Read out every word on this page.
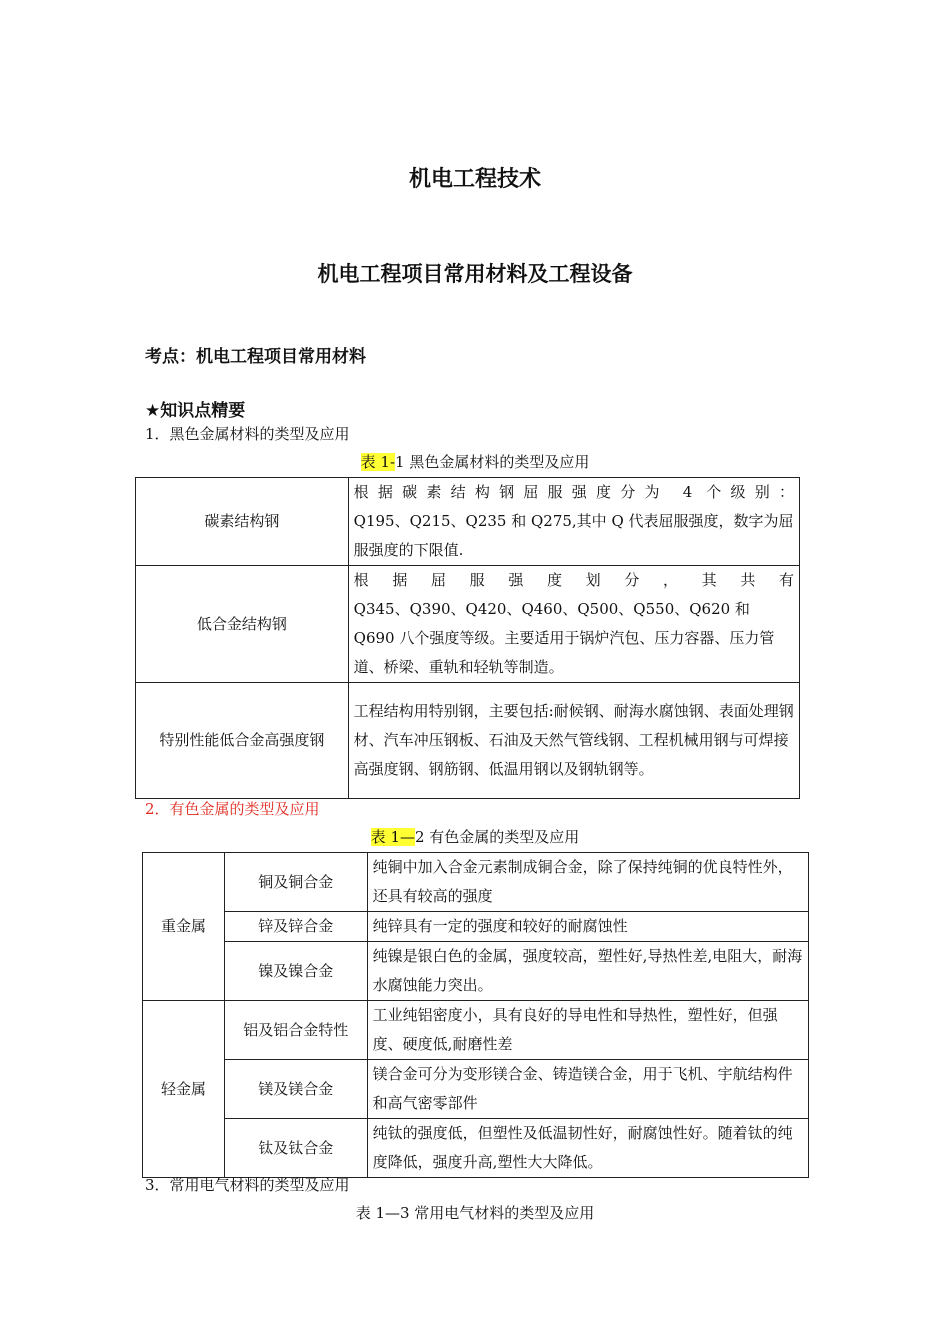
机电工程技术
机电工程项目常用材料及工程设备
考点：机电工程项目常用材料
★知识点精要
1．黑色金属材料的类型及应用
表 1-1 黑色金属材料的类型及应用
碳素结构钢	根据碳素结构钢屈服强度分为 4 个级别：
Q195、Q215、Q235 和 Q275,其中 Q 代表屈服强度，数字为屈服强度的下限值.

低合金结构钢	根据屈服强度划分，其共有
Q345、Q390、Q420、Q460、Q500、Q550、Q620 和 Q690 八个强度等级。主要适用于锅炉汽包、压力容器、压力管道、桥梁、重轨和轻轨等制造。

特别性能低合金高强度钢	工程结构用特别钢，主要包括:耐候钢、耐海水腐蚀钢、表面处理钢材、汽车冲压钢板、石油及天然气管线钢、工程机械用钢与可焊接高强度钢、钢筋钢、低温用钢以及钢轨钢等。
2．有色金属的类型及应用
表 1—2 有色金属的类型及应用
重金属	铜及铜合金	纯铜中加入合金元素制成铜合金，除了保持纯铜的优良特性外，还具有较高的强度
	锌及锌合金	纯锌具有一定的强度和较好的耐腐蚀性
	镍及镍合金	纯镍是银白色的金属，强度较高，塑性好,导热性差,电阻大，耐海水腐蚀能力突出。
轻金属	铝及铝合金特性	工业纯铝密度小，具有良好的导电性和导热性，塑性好，但强度、硬度低,耐磨性差
	镁及镁合金	镁合金可分为变形镁合金、铸造镁合金，用于飞机、宇航结构件和高气密零部件
	钛及钛合金	纯钛的强度低，但塑性及低温韧性好，耐腐蚀性好。随着钛的纯度降低，强度升高,塑性大大降低。
3．常用电气材料的类型及应用
表 1—3 常用电气材料的类型及应用
